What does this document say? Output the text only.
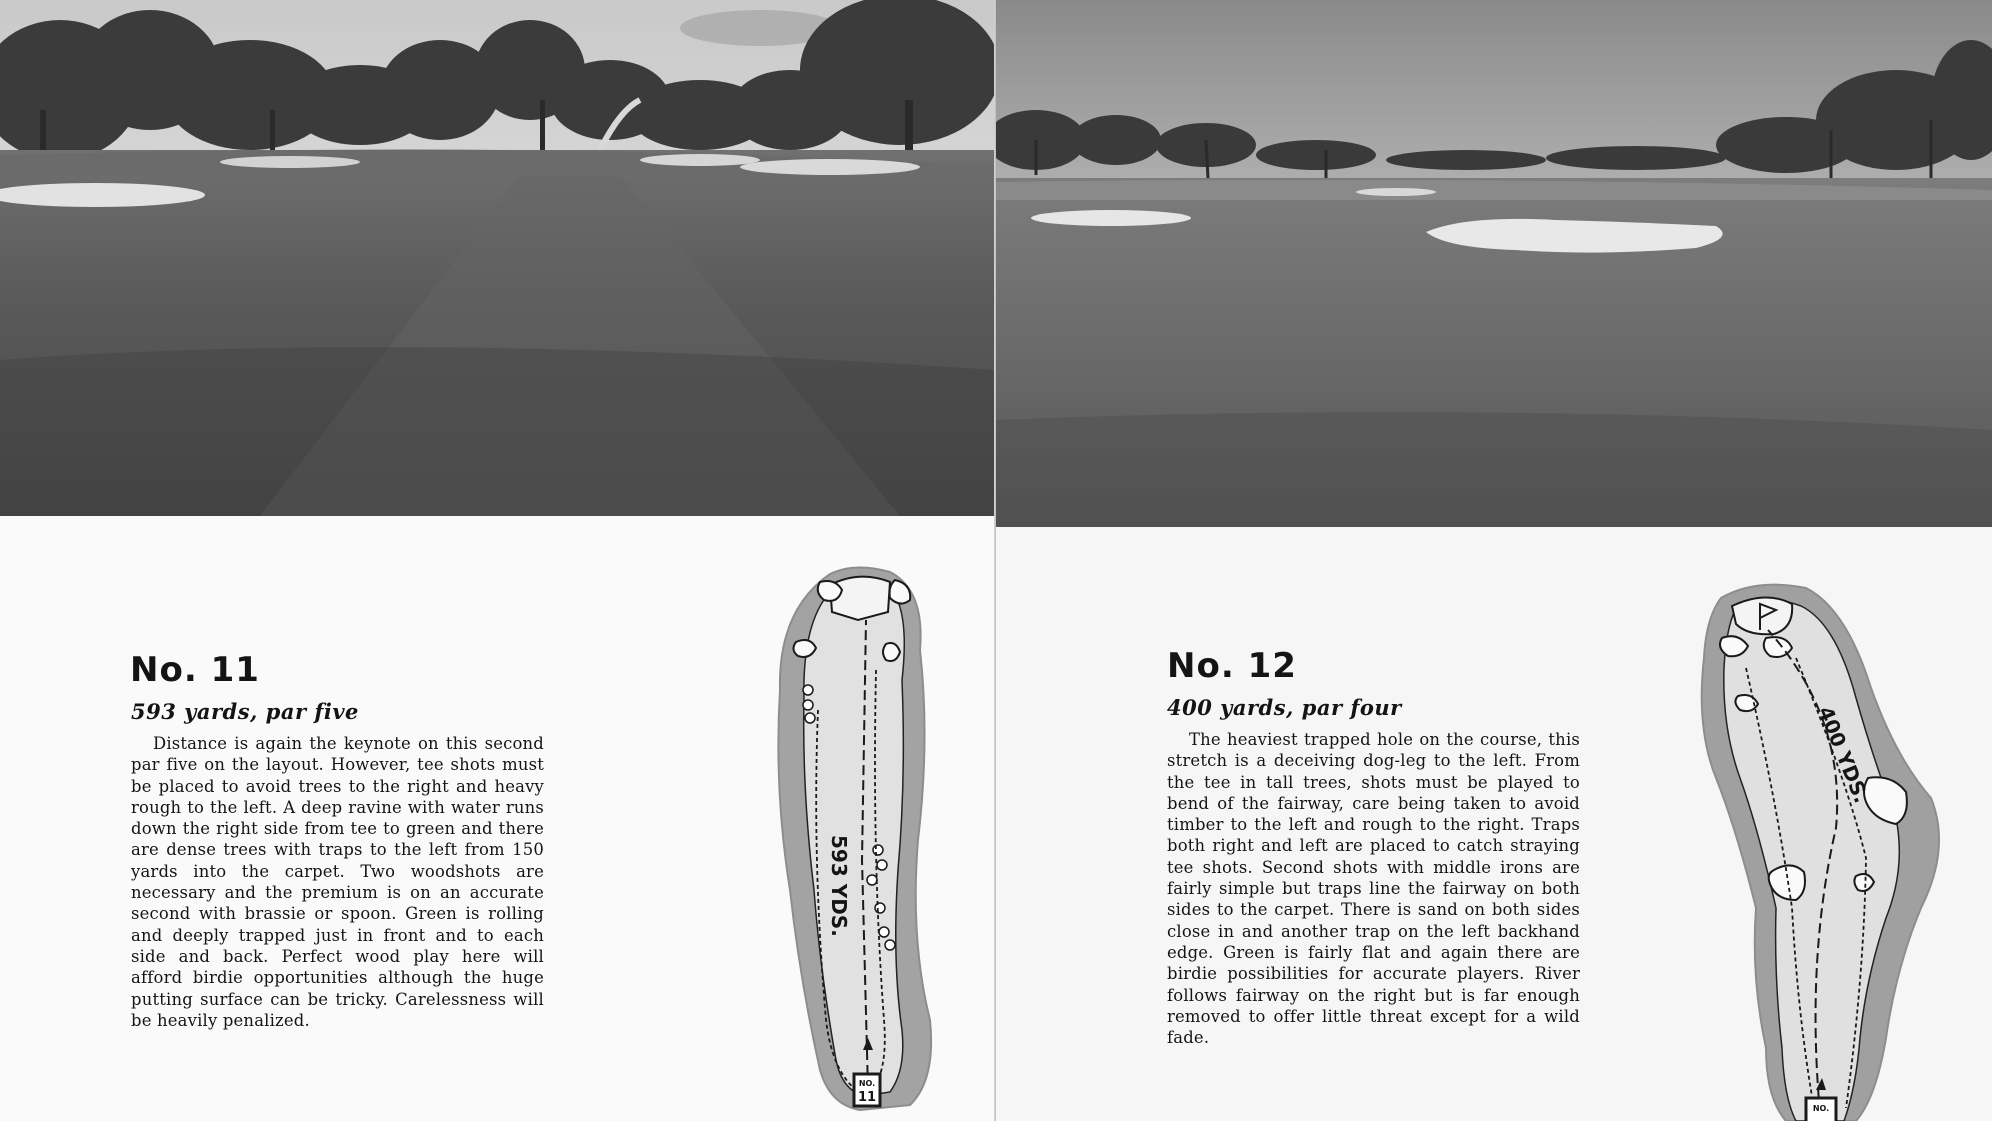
No. 11
593 yards, par five

Distance is again the keynote on this second par five on the layout. However, tee shots must be placed to avoid trees to the right and heavy rough to the left. A deep ravine with water runs down the right side from tee to green and there are dense trees with traps to the left from 150 yards into the carpet. Two woodshots are necessary and the premium is on an accurate second with brassie or spoon. Green is rolling and deeply trapped just in front and to each side and back. Perfect wood play here will afford birdie opportunities although the huge putting surface can be tricky. Carelessness will be heavily penalized.

593 YDS.
NO.
11
No. 12
400 yards, par four

The heaviest trapped hole on the course, this stretch is a deceiving dog-leg to the left. From the tee in tall trees, shots must be played to bend of the fairway, care being taken to avoid timber to the left and rough to the right. Traps both right and left are placed to catch straying tee shots. Second shots with middle irons are fairly simple but traps line the fairway on both sides to the carpet. There is sand on both sides close in and another trap on the left backhand edge. Green is fairly flat and again there are birdie possibilities for accurate players. River follows fairway on the right but is far enough removed to offer little threat except for a wild fade.

400 YDS.
NO.
